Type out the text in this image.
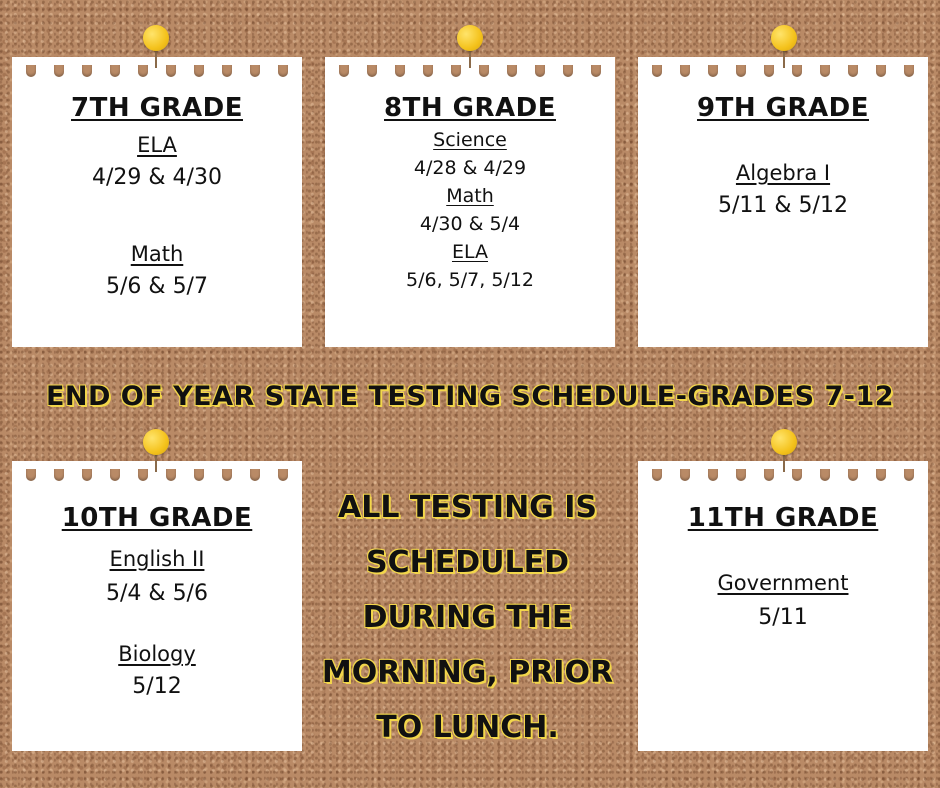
7TH GRADE
ELA
4/29 & 4/30
Math
5/6 & 5/7
8TH GRADE
Science
4/28 & 4/29
Math
4/30 & 5/4
ELA
5/6, 5/7, 5/12
9TH GRADE
Algebra I
5/11 & 5/12
END OF YEAR STATE TESTING SCHEDULE-GRADES 7-12
10TH GRADE
English II
5/4 & 5/6
Biology
5/12
ALL TESTING IS SCHEDULED DURING THE MORNING, PRIOR TO LUNCH.
11TH GRADE
Government
5/11
